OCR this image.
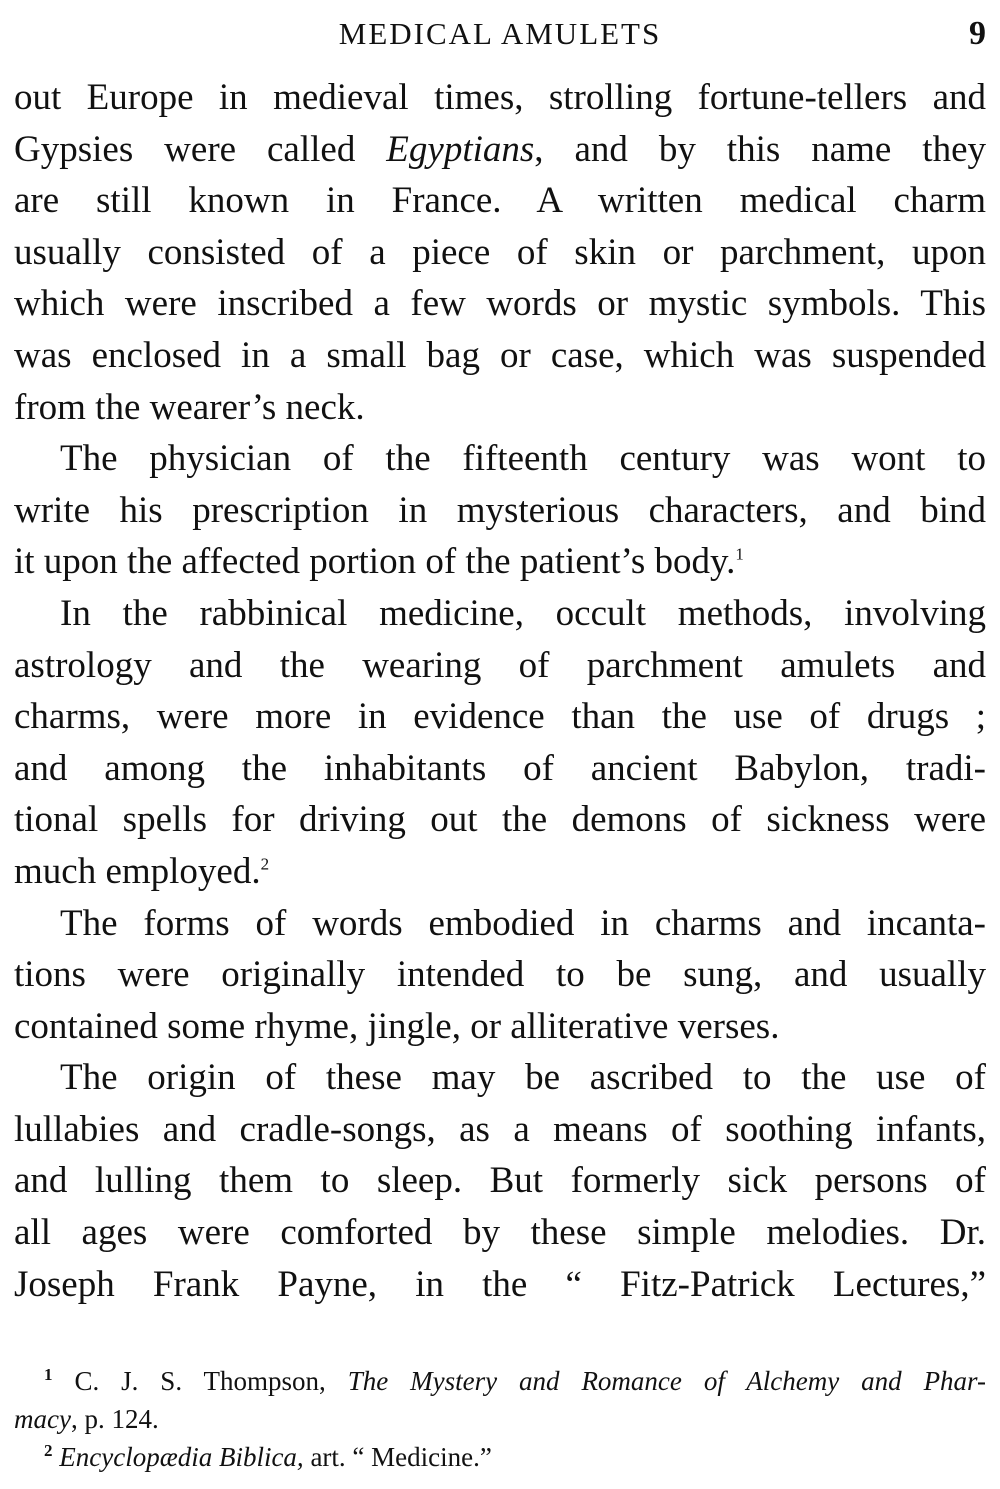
MEDICAL AMULETS	9
out Europe in medieval times, strolling fortune-tellers and
Gypsies were called Egyptians, and by this name they
are still known in France. A written medical charm
usually consisted of a piece of skin or parchment, upon
which were inscribed a few words or mystic symbols. This
was enclosed in a small bag or case, which was suspended
from the wearer’s neck.
The physician of the fifteenth century was wont to
write his prescription in mysterious characters, and bind
it upon the affected portion of the patient’s body.$^1$
In the rabbinical medicine, occult methods, involving
astrology and the wearing of parchment amulets and
charms, were more in evidence than the use of drugs ;
and among the inhabitants of ancient Babylon, tradi-
tional spells for driving out the demons of sickness were
much employed.$^2$
The forms of words embodied in charms and incanta-
tions were originally intended to be sung, and usually
contained some rhyme, jingle, or alliterative verses.
The origin of these may be ascribed to the use of
lullabies and cradle-songs, as a means of soothing infants,
and lulling them to sleep. But formerly sick persons of
all ages were comforted by these simple melodies. Dr.
Joseph Frank Payne, in the “ Fitz-Patrick Lectures,”
$^1$ C. J. S. Thompson, The Mystery and Romance of Alchemy and Phar-
macy, p. 124.
$^2$ Encyclopædia Biblica, art. “ Medicine.”
